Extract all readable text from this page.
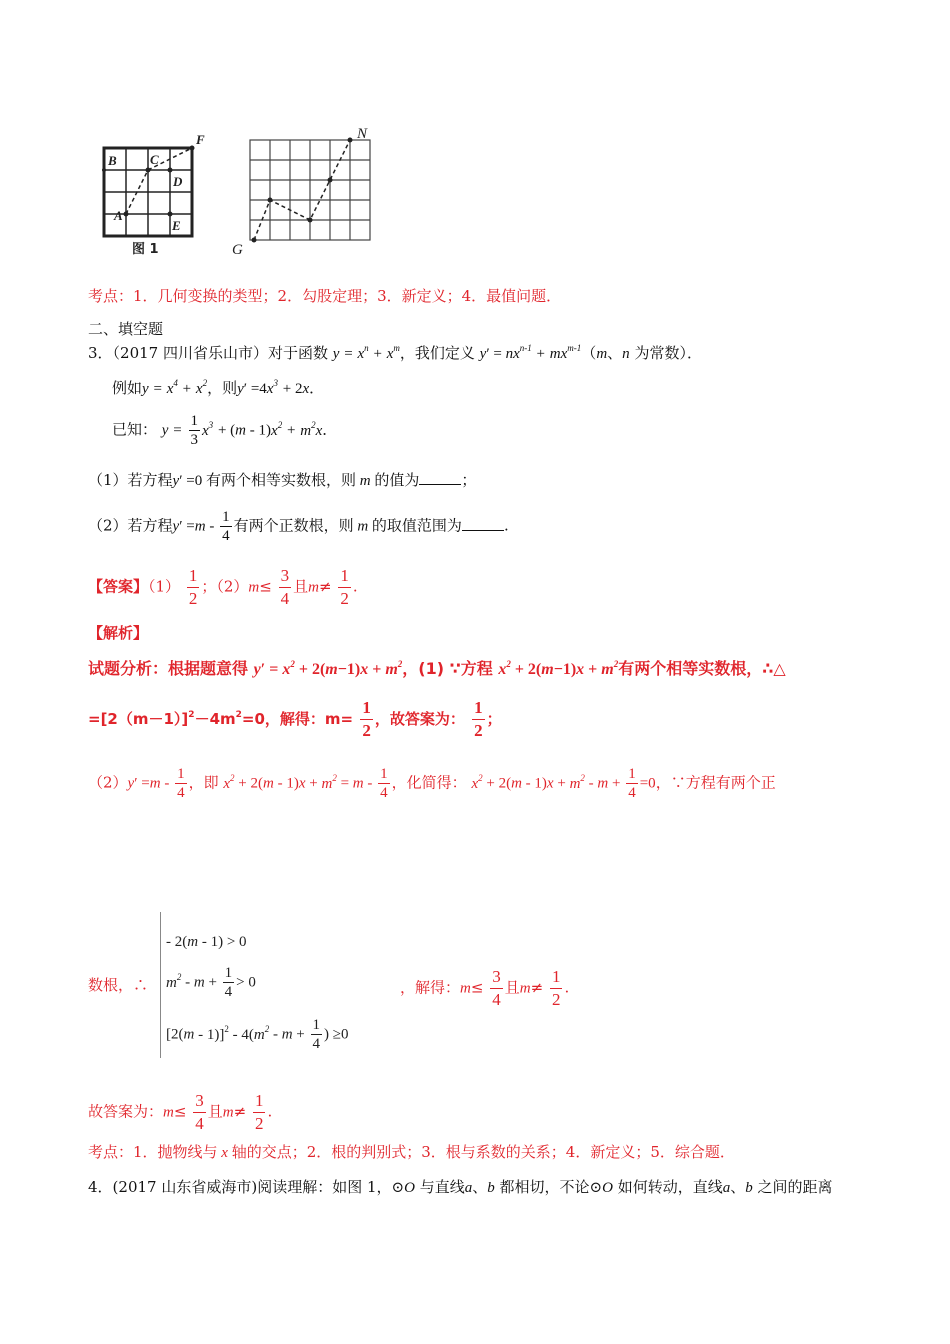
B	C
D
A
E
F
图 1
N
G
考点：1．几何变换的类型；2．勾股定理；3．新定义；4．最值问题．
二、填空题
3．（2017 四川省乐山市）对于函数 $y = x^n + x^m$，我们定义 $y' = nx^{n-1} + mx^{m-1}(m$、n 为常数）．
例如$y = x^4 + x^2$，则$y' =4x^3 + 2x$．
已知： $y = \frac{1}{3} x^3 + (m - 1)x^2 + m^2x$．
（1）若方程y′ =0 有两个相等实数根，则 m 的值为	；
（2）若方程$y' =m - \frac{1}{4}$ 有两个正数根，则 m 的取值范围为	.
【答案】$(1) \frac{1}{2}$ ；$(2)m\le \frac{3}{4}$ 且$m\ne \frac{1}{2}$ .
【解析】
试题分析：根据题意得 $y' = x^2 + 2(m-1)x + m^2$，(1) ∵方程 $x^2 + 2(m-1)x + m^2$有两个相等实数根，∴△
$=[2(m-1)]^2-4m^2=0$，解得：$m= \frac{1}{2}$ ，故答案为： $\frac{1}{2}$ ；
$(2)y' =m - \frac{1}{4}$ ，即 $x^2 + 2(m - 1)x + m^2 = m - \frac{1}{4}$ ，化简得： $x^2 + 2(m - 1)x + m^2 - m + \frac{1}{4} =0$，∵方程有两个正
数根，∴
- 2(m - 1) > 0
$m^2 - m + \frac{1}{4} > 0$
$[2(m - 1)]^2 - 4(m^2 - m + \frac{1}{4}$ ) ≥0
，解得：$m\le \frac{3}{4}$ 且$m\ne \frac{1}{2}$ .
故答案为：$m\le \frac{3}{4}$ 且$m\ne \frac{1}{2}$ .
考点：1．抛物线与 x 轴的交点；2．根的判别式；3．根与系数的关系；4．新定义；5．综合题．
4．(2017 山东省威海市)阅读理解：如图 1，⊙O 与直线a、b 都相切，不论⊙O 如何转动，直线a、b 之间的距离
